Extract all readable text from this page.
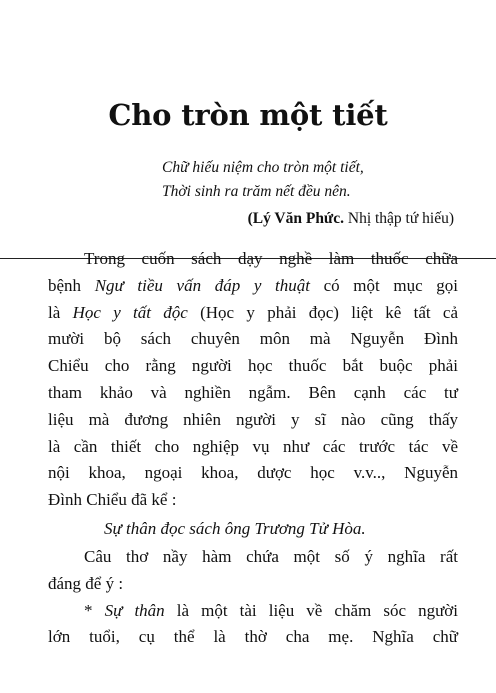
Cho tròn một tiết
Chữ hiếu niệm cho tròn một tiết,
Thời sinh ra trăm nết đều nên.
(Lý Văn Phức. Nhị thập tứ hiếu)
Trong cuốn sách dạy nghề làm thuốc chữa
bệnh Ngư tiều vấn đáp y thuật có một mục gọi
là Học y tất độc (Học y phải đọc) liệt kê tất cả
mười bộ sách chuyên môn mà Nguyễn Đình
Chiểu cho rằng người học thuốc bắt buộc phải
tham khảo và nghiền ngẫm. Bên cạnh các tư
liệu mà đương nhiên người y sĩ nào cũng thấy
là cần thiết cho nghiệp vụ như các trước tác về
nội khoa, ngoại khoa, dược học v.v.., Nguyễn
Đình Chiểu đã kể :
Sự thân đọc sách ông Trương Tử Hòa.
Câu thơ nầy hàm chứa một số ý nghĩa rất
đáng để ý :
* Sự thân là một tài liệu về chăm sóc người
lớn tuổi, cụ thể là thờ cha mẹ. Nghĩa chữ
